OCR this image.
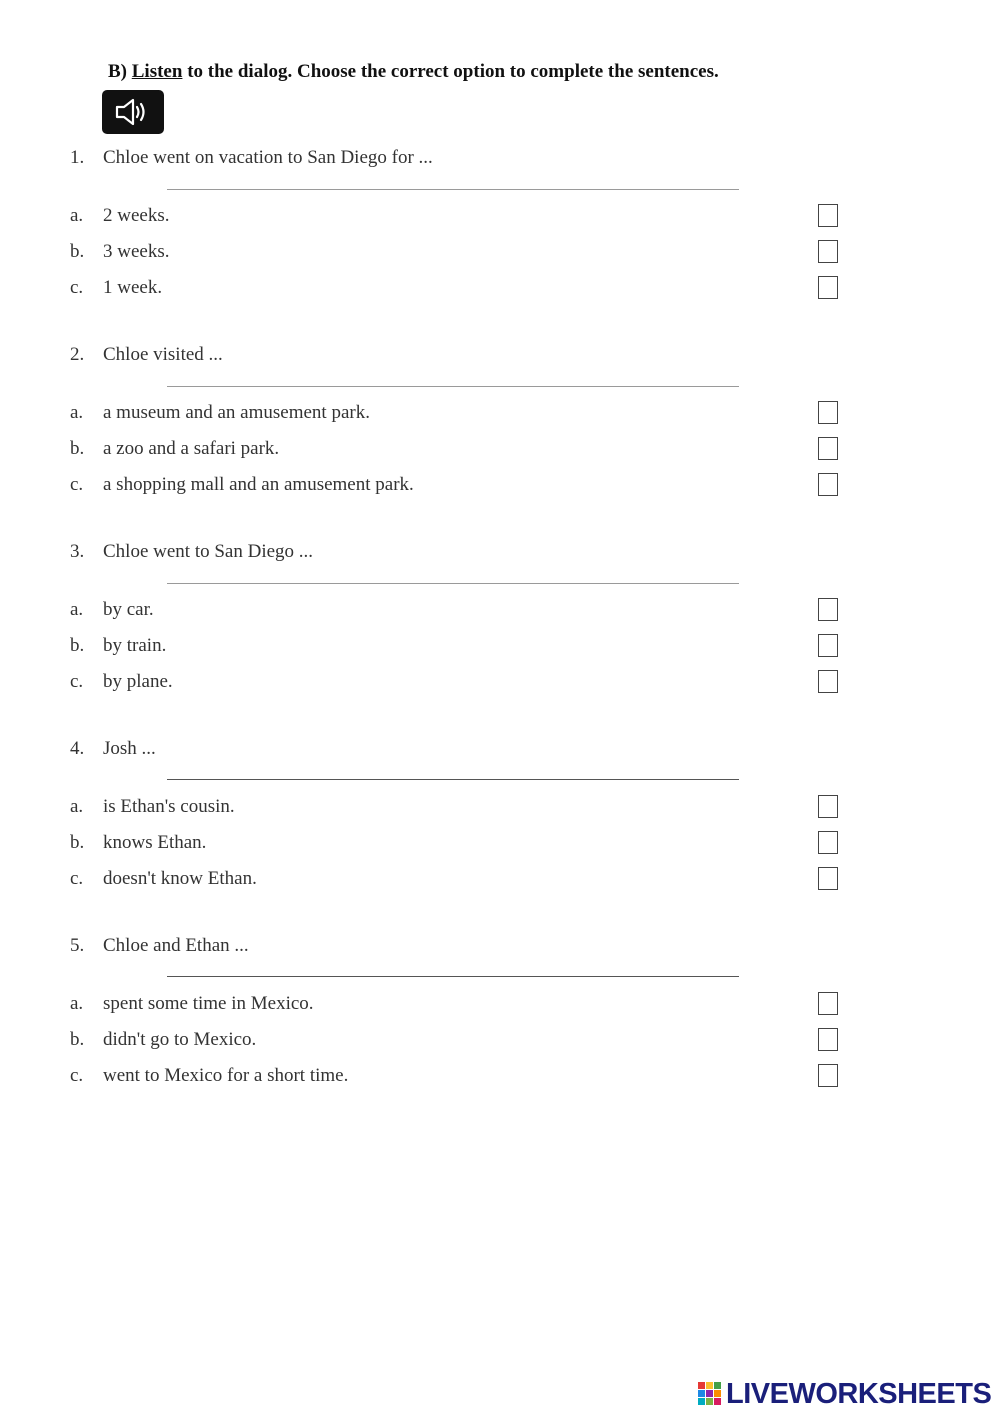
B) Listen to the dialog. Choose the correct option to complete the sentences.
1. Chloe went on vacation to San Diego for ...
a. 2 weeks.
b. 3 weeks.
c. 1 week.
2. Chloe visited ...
a. a museum and an amusement park.
b. a zoo and a safari park.
c. a shopping mall and an amusement park.
3. Chloe went to San Diego ...
a. by car.
b. by train.
c. by plane.
4. Josh ...
a. is Ethan's cousin.
b. knows Ethan.
c. doesn't know Ethan.
5. Chloe and Ethan ...
a. spent some time in Mexico.
b. didn't go to Mexico.
c. went to Mexico for a short time.
LIVEWORKSHEETS
